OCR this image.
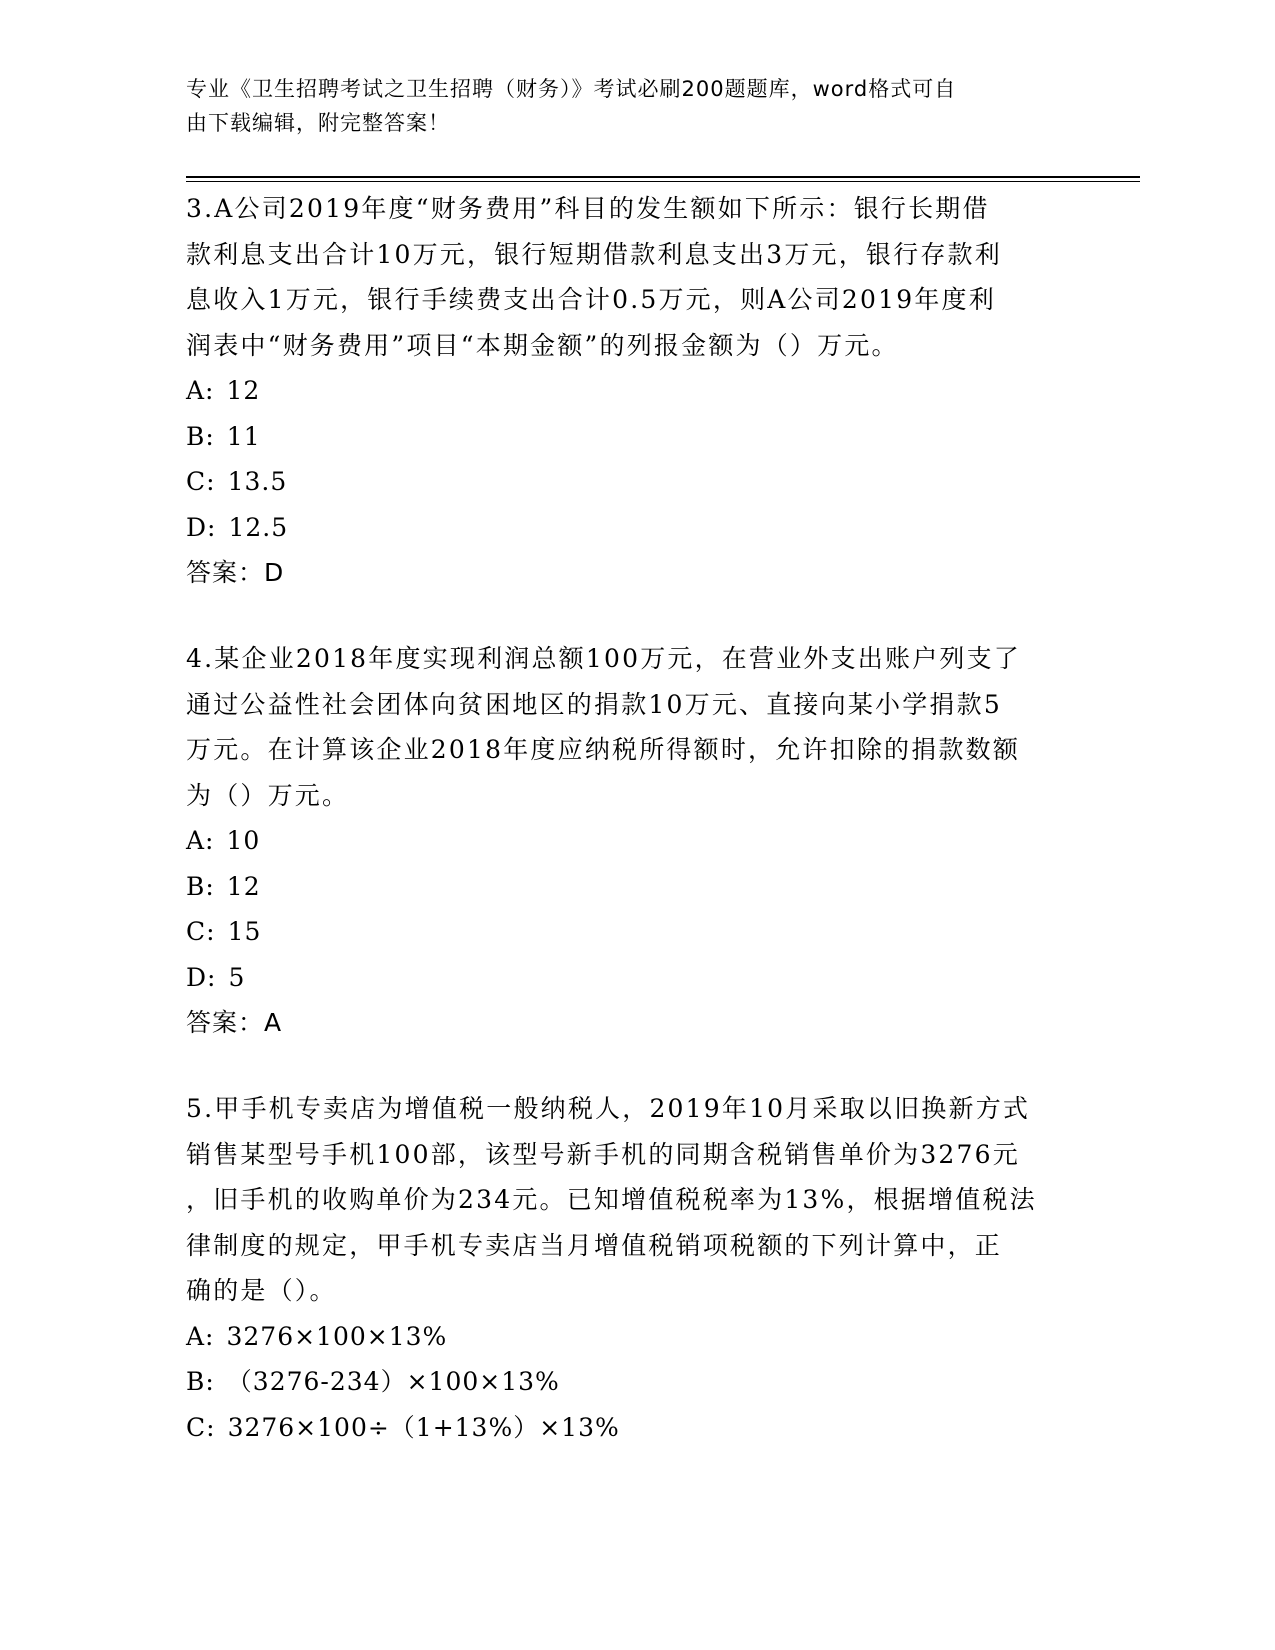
专业《卫生招聘考试之卫生招聘（财务）》考试必刷200题题库，word格式可自
由下载编辑，附完整答案！

3.A公司2019年度“财务费用”科目的发生额如下所示：银行长期借

款利息支出合计10万元，银行短期借款利息支出3万元，银行存款利

息收入1万元，银行手续费支出合计0.5万元，则A公司2019年度利

润表中“财务费用”项目“本期金额”的列报金额为（）万元。

A: 12

B: 11

C: 13.5

D: 12.5

答案：D

4.某企业2018年度实现利润总额100万元，在营业外支出账户列支了

通过公益性社会团体向贫困地区的捐款10万元、直接向某小学捐款5

万元。在计算该企业2018年度应纳税所得额时，允许扣除的捐款数额

为（）万元。

A: 10

B: 12

C: 15

D: 5

答案：A

5.甲手机专卖店为增值税一般纳税人，2019年10月采取以旧换新方式

销售某型号手机100部，该型号新手机的同期含税销售单价为3276元

，旧手机的收购单价为234元。已知增值税税率为13%，根据增值税法

律制度的规定，甲手机专卖店当月增值税销项税额的下列计算中，正

确的是（）。

A: 3276×100×13%

B: （3276-234）×100×13%

C: 3276×100÷（1+13%）×13%
